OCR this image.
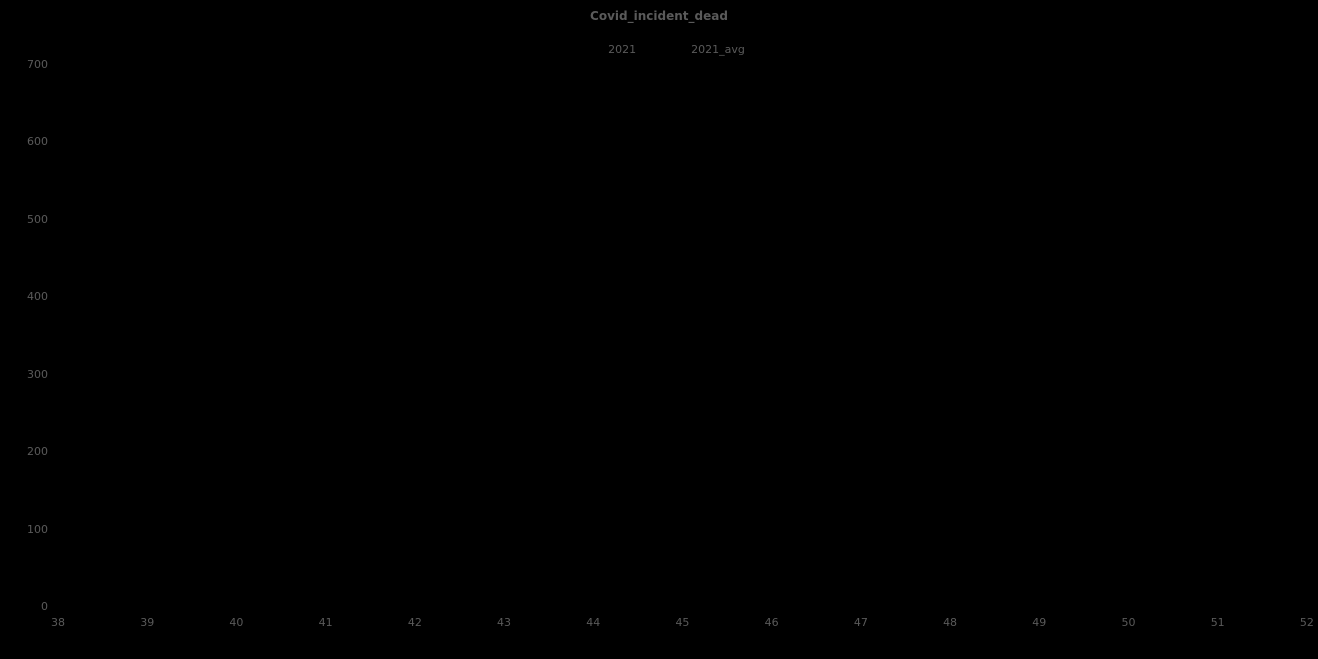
Covid_incident_dead
2021	2021_avg
0
100
200
300
400
500
600
700
38	39	40	41	42	43	44	45	46	47	48	49	50	51	52
